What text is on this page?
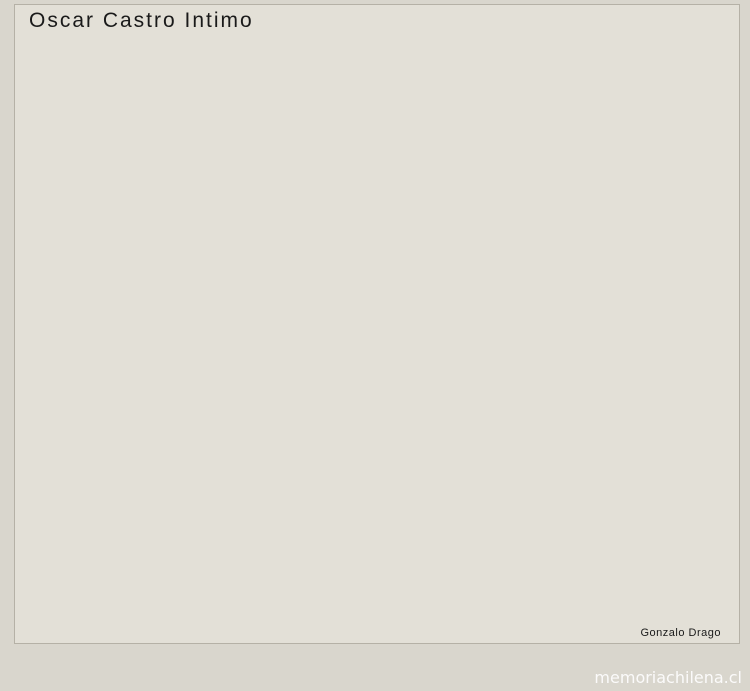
Oscar Castro Intimo

Gonzalo Drago

memoriachilena.cl
